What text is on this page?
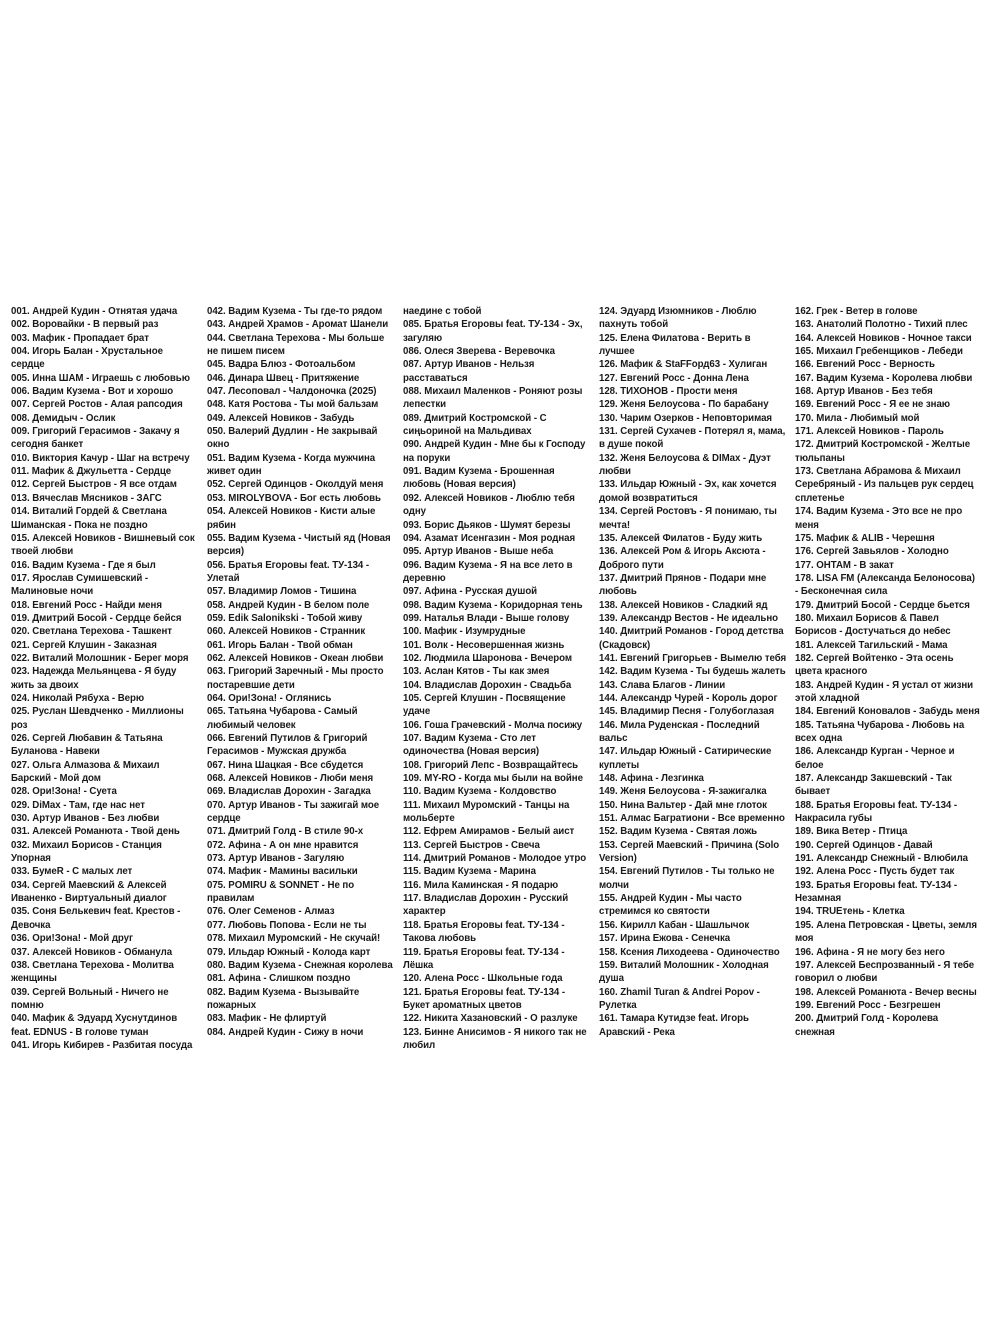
001. Андрей Кудин - Отнятая удача
002. Воровайки - В первый раз
003. Мафик - Пропадает брат
004. Игорь Балан - Хрустальное сердце
005. Инна ШАМ - Играешь с любовью
006. Вадим Кузема - Вот и хорошо
007. Сергей Ростов - Алая рапсодия
008. Демидыч - Ослик
009. Григорий Герасимов - Закачу я сегодня банкет
010. Виктория Качур - Шаг на встречу
011. Мафик & Джульетта - Сердце
012. Сергей Быстров - Я все отдам
013. Вячеслав Мясников - ЗАГС
014. Виталий Гордей & Светлана Шиманская - Пока не поздно
015. Алексей Новиков - Вишневый сок твоей любви
016. Вадим Кузема - Где я был
017. Ярослав Сумишевский - Малиновые ночи
018. Евгений Росс - Найди меня
019. Дмитрий Босой - Сердце бейся
020. Светлана Терехова - Ташкент
021. Сергей Клушин - Заказная
022. Виталий Молошник - Берег моря
023. Надежда Мельянцева - Я буду жить за двоих
024. Николай Рябуха - Верю
025. Руслан Шевдченко - Миллионы роз
026. Сергей Любавин & Татьяна Буланова - Навеки
027. Ольга Алмазова & Михаил Барский - Мой дом
028. Ори!Зона! - Суета
029. DiMax - Там, где нас нет
030. Артур Иванов - Без любви
031. Алексей Романюта - Твой день
032. Михаил Борисов - Станция Упорная
033. БумеR - С малых лет
034. Сергей Маевский & Алексей Иваненко - Виртуальный диалог
035. Соня Белькевич feat. Крестов - Девочка
036. Ори!Зона! - Мой друг
037. Алексей Новиков - Обманула
038. Светлана Терехова - Молитва женщины
039. Сергей Вольный - Ничего не помню
040. Мафик & Эдуард Хуснутдинов feat. EDNUS - В голове туман
041. Игорь Кибирев - Разбитая посуда
042. Вадим Кузема - Ты где-то рядом
043. Андрей Храмов - Аромат Шанели
044. Светлана Терехова - Мы больше не пишем писем
045. Вадра Блюз - Фотоальбом
046. Динара Швец - Притяжение
047. Лесоповал - Чалдоночка (2025)
048. Катя Ростова - Ты мой бальзам
049. Алексей Новиков - Забудь
050. Валерий Дудлин - Не закрывай окно
051. Вадим Кузема - Когда мужчина живет один
052. Сергей Одинцов - Околдуй меня
053. MIROLYBOVA - Бог есть любовь
054. Алексей Новиков - Кисти алые рябин
055. Вадим Кузема - Чистый яд (Новая версия)
056. Братья Егоровы feat. ТУ-134 - Улетай
057. Владимир Ломов - Тишина
058. Андрей Кудин - В белом поле
059. Edik Salonikski - Тобой живу
060. Алексей Новиков - Странник
061. Игорь Балан - Твой обман
062. Алексей Новиков - Океан любви
063. Григорий Заречный - Мы просто постаревшие дети
064. Ори!Зона! - Оглянись
065. Татьяна Чубарова - Самый любимый человек
066. Евгений Путилов & Григорий Герасимов - Мужская дружба
067. Нина Шацкая - Все сбудется
068. Алексей Новиков - Люби меня
069. Владислав Дорохин - Загадка
070. Артур Иванов - Ты зажигай мое сердце
071. Дмитрий Голд - В стиле 90-х
072. Афина - А он мне нравится
073. Артур Иванов - Загуляю
074. Мафик - Мамины васильки
075. POMIRU & SONNET - Не по правилам
076. Олег Семенов - Алмаз
077. Любовь Попова - Если не ты
078. Михаил Муромский - Не скучай!
079. Ильдар Южный - Колода карт
080. Вадим Кузема - Снежная королева
081. Афина - Слишком поздно
082. Вадим Кузема - Вызывайте пожарных
083. Мафик - Не флиртуй
084. Андрей Кудин - Сижу в ночи
наедине с тобой
085. Братья Егоровы feat. ТУ-134 - Эх, загуляю
086. Олеся Зверева - Веревочка
087. Артур Иванов - Нельзя расставаться
088. Михаил Маленков - Роняют розы лепестки
089. Дмитрий Костромской - С сиңьориной на Мальдивах
090. Андрей Кудин - Мне бы к Господу на поруки
091. Вадим Кузема - Брошенная любовь (Новая версия)
092. Алексей Новиков - Люблю тебя одну
093. Борис Дьяков - Шумят березы
094. Азамат Исенгазин - Моя родная
095. Артур Иванов - Выше неба
096. Вадим Кузема - Я на все лето в деревню
097. Афина - Русская душой
098. Вадим Кузема - Коридорная тень
099. Наталья Влади - Выше голову
100. Мафик - Изумрудные
101. Волк - Несовершенная жизнь
102. Людмила Шаронова - Вечером
103. Аслан Кятов - Ты как змея
104. Владислав Дорохин - Свадьба
105. Сергей Клушин - Посвящение удаче
106. Гоша Грачевский - Молча посижу
107. Вадим Кузема - Сто лет одиночества (Новая версия)
108. Григорий Лепс - Возвращайтесь
109. MY-RO - Когда мы были на войне
110. Вадим Кузема - Колдовство
111. Михаил Муромский - Танцы на мольберте
112. Ефрем Амирамов - Белый аист
113. Сергей Быстров - Свеча
114. Дмитрий Романов - Молодое утро
115. Вадим Кузема - Марина
116. Мила Каминская - Я подарю
117. Владислав Дорохин - Русский характер
118. Братья Егоровы feat. ТУ-134 - Такова любовь
119. Братья Егоровы feat. ТУ-134 - Лёшка
120. Алена Росс - Школьные года
121. Братья Егоровы feat. ТУ-134 - Букет ароматных цветов
122. Никита Хазановский - О разлуке
123. Бинне Анисимов - Я никого так не любил
124. Эдуард Изюмников - Люблю пахнуть тобой
125. Елена Филатова - Верить в лучшее
126. Мафик & StaFFорд63 - Хулиган
127. Евгений Росс - Донна Лена
128. ТИХОНОВ - Прости меня
129. Женя Белоусова - По барабану
130. Чарим Озерков - Неповторимая
131. Сергей Сухачев - Потерял я, мама, в душе покой
132. Женя Белоусова & DIMax - Дуэт любви
133. Ильдар Южный - Эх, как хочется домой возвратиться
134. Сергей Ростовъ - Я понимаю, ты мечта!
135. Алексей Филатов - Буду жить
136. Алексей Ром & Игорь Аксюта - Доброго пути
137. Дмитрий Прянов - Подари мне любовь
138. Алексей Новиков - Сладкий яд
139. Александр Вестов - Не идеально
140. Дмитрий Романов - Город детства (Скадовск)
141. Евгений Григорьев - Вымелю тебя
142. Вадим Кузема - Ты будешь жалеть
143. Слава Благов - Линии
144. Александр Чурей - Король дорог
145. Владимир Песня - Голубоглазая
146. Мила Руденская - Последний вальс
147. Ильдар Южный - Сатирические куплеты
148. Афина - Лезгинка
149. Женя Белоусова - Я-зажигалка
150. Нина Вальтер - Дай мне глоток
151. Алмас Багратиони - Все временно
152. Вадим Кузема - Святая ложь
153. Сергей Маевский - Причина (Solo Version)
154. Евгений Путилов - Ты только не молчи
155. Андрей Кудин - Мы часто стремимся ко святости
156. Кирилл Кабан - Шашлычок
157. Ирина Ежова - Сенечка
158. Ксения Лиходеева - Одиночество
159. Виталий Молошник - Холодная душа
160. Zhamil Turan & Andrei Popov - Рулетка
161. Тамара Кутидзе feat. Игорь Аравский - Река
162. Грек - Ветер в голове
163. Анатолий Полотно - Тихий плес
164. Алексей Новиков - Ночное такси
165. Михаил Гребенщиков - Лебеди
166. Евгений Росс - Верность
167. Вадим Кузема - Королева любви
168. Артур Иванов - Без тебя
169. Евгений Росс - Я ее не знаю
170. Мила - Любимый мой
171. Алексей Новиков - Пароль
172. Дмитрий Костромской - Желтые тюльпаны
173. Светлана Абрамова & Михаил Серебряный - Из пальцев рук сердец сплетенье
174. Вадим Кузема - Это все не про меня
175. Мафик & ALIB - Черешня
176. Сергей Завьялов - Холодно
177. ОНТАМ - В закат
178. LISA FM (Александа Белоносова) - Бесконечная сила
179. Дмитрий Босой - Сердце бьется
180. Михаил Борисов & Павел Борисов - Достучаться до небес
181. Алексей Тагильский - Мама
182. Сергей Войтенко - Эта осень цвета красного
183. Андрей Кудин - Я устал от жизни этой хладной
184. Евгений Коновалов - Забудь меня
185. Татьяна Чубарова - Любовь на всех одна
186. Александр Курган - Черное и белое
187. Александр Закшевский - Так бывает
188. Братья Егоровы feat. ТУ-134 - Накрасила губы
189. Вика Ветер - Птица
190. Сергей Одинцов - Давай
191. Александр Снежный - Влюбила
192. Алена Росс - Пусть будет так
193. Братья Егоровы feat. ТУ-134 - Незамная
194. TRUEтень - Клетка
195. Алена Петровская - Цветы, земля моя
196. Афина - Я не могу без него
197. Алексей Беспрозванный - Я тебе говорил о любви
198. Алексей Романюта - Вечер весны
199. Евгений Росс - Безгрешен
200. Дмитрий Голд - Королева снежная
